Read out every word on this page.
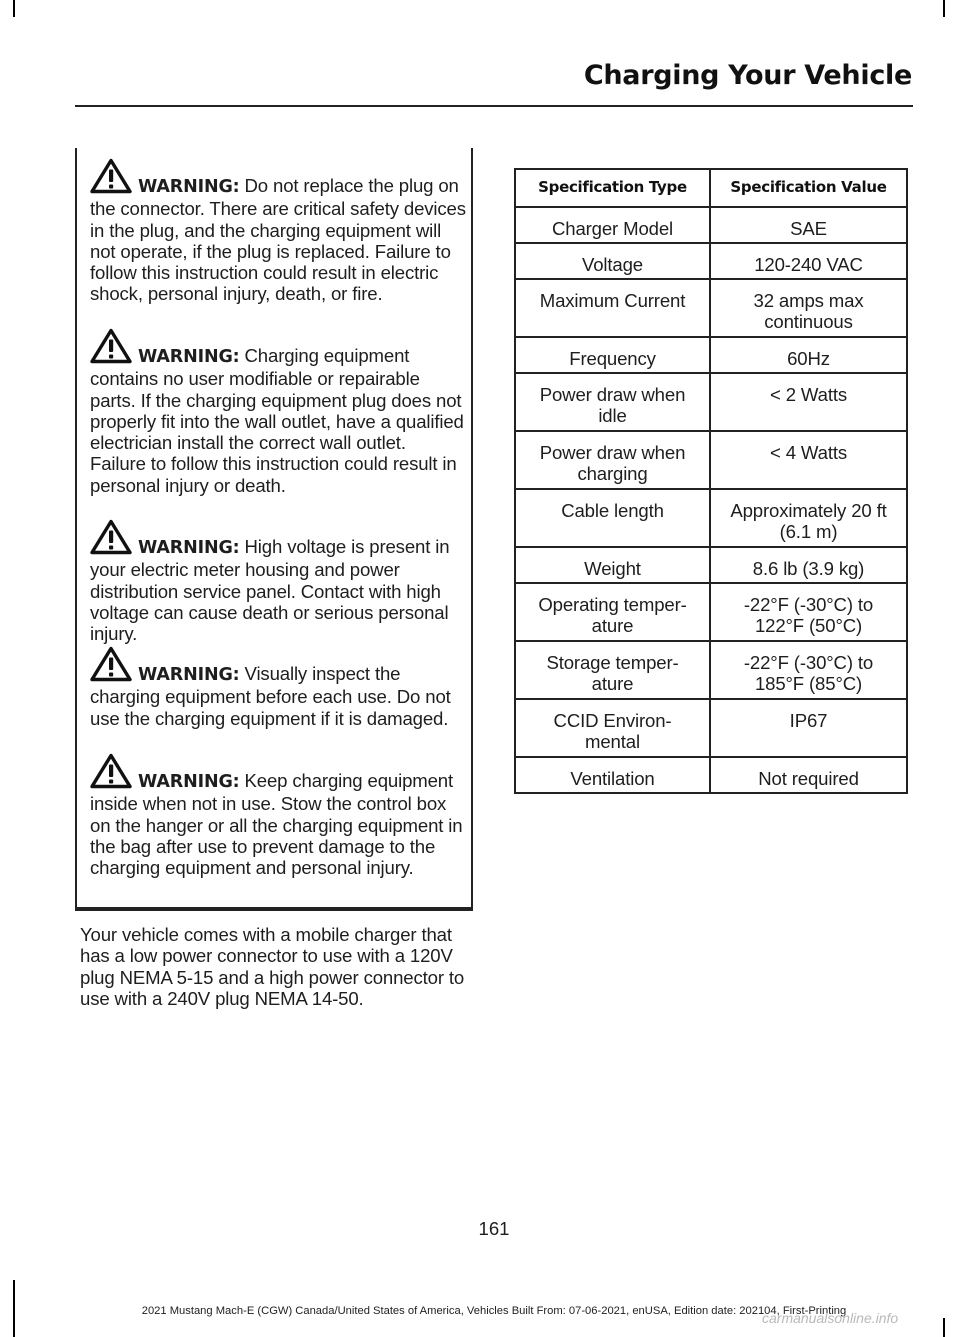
Charging Your Vehicle
WARNING: Do not replace the plug on the connector. There are critical safety devices in the plug, and the charging equipment will not operate, if the plug is replaced. Failure to follow this instruction could result in electric shock, personal injury, death, or fire.
WARNING: Charging equipment contains no user modifiable or repairable parts. If the charging equipment plug does not properly fit into the wall outlet, have a qualified electrician install the correct wall outlet. Failure to follow this instruction could result in personal injury or death.
WARNING: High voltage is present in your electric meter housing and power distribution service panel. Contact with high voltage can cause death or serious personal injury.
WARNING: Visually inspect the charging equipment before each use. Do not use the charging equipment if it is damaged.
WARNING: Keep charging equipment inside when not in use. Stow the control box on the hanger or all the charging equipment in the bag after use to prevent damage to the charging equipment and personal injury.
Your vehicle comes with a mobile charger that has a low power connector to use with a 120V plug NEMA 5-15 and a high power connector to use with a 240V plug NEMA 14-50.
Specification Type	Specification Value
Charger Model	SAE
Voltage	120-240 VAC
Maximum Current	32 amps max continuous
Frequency	60Hz
Power draw when idle	< 2 Watts
Power draw when charging	< 4 Watts
Cable length	Approximately 20 ft (6.1 m)
Weight	8.6 lb (3.9 kg)
Operating temper-ature	-22°F (-30°C) to 122°F (50°C)
Storage temper-ature	-22°F (-30°C) to 185°F (85°C)
CCID Environ-mental	IP67
Ventilation	Not required
161
2021 Mustang Mach-E (CGW) Canada/United States of America, Vehicles Built From: 07-06-2021, enUSA, Edition date: 202104, First-Printing
carmanualsonline.info
